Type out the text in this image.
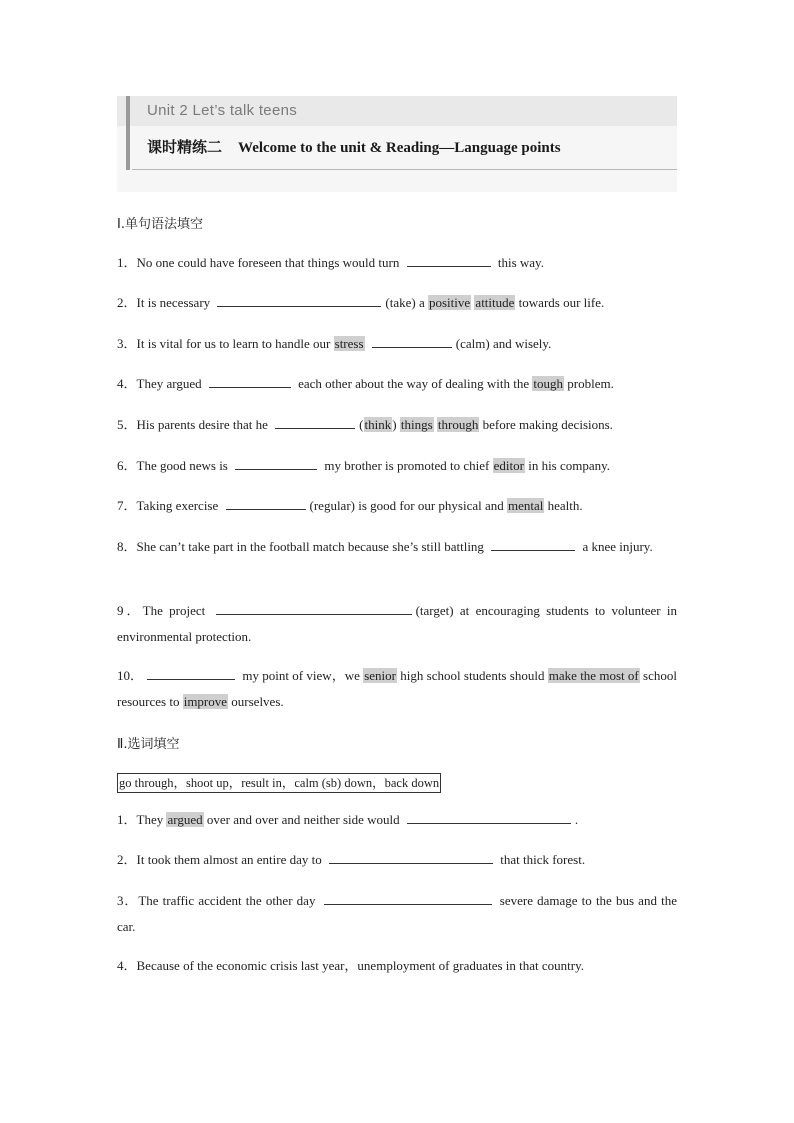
Unit 2 Let’s talk teens
课时精练二 Welcome to the unit & Reading—Language points
Ⅰ.单句语法填空
1．No one could have foreseen that things would turn	this way.
2．It is necessary	(take) a positive attitude towards our life.
3．It is vital for us to learn to handle our stress	(calm) and wisely.
4．They argued	each other about the way of dealing with the tough problem.
5．His parents desire that he	(think) things through before making decisions.
6．The good news is	my brother is promoted to chief editor in his company.
7．Taking exercise	(regular) is good for our physical and mental health.
8．She can’t take part in the football match because she’s still battling	a knee injury.
9．The project	(target) at encouraging students to volunteer in environmental protection.
10．	my point of view，we senior high school students should make the most of school resources to improve ourselves.
Ⅱ.选词填空
go through，shoot up，result in，calm (sb) down，back down
1．They argued over and over and neither side would	.
2．It took them almost an entire day to	that thick forest.
3．The traffic accident the other day	severe damage to the bus and the car.
4．Because of the economic crisis last year，unemployment of graduates in that country.
